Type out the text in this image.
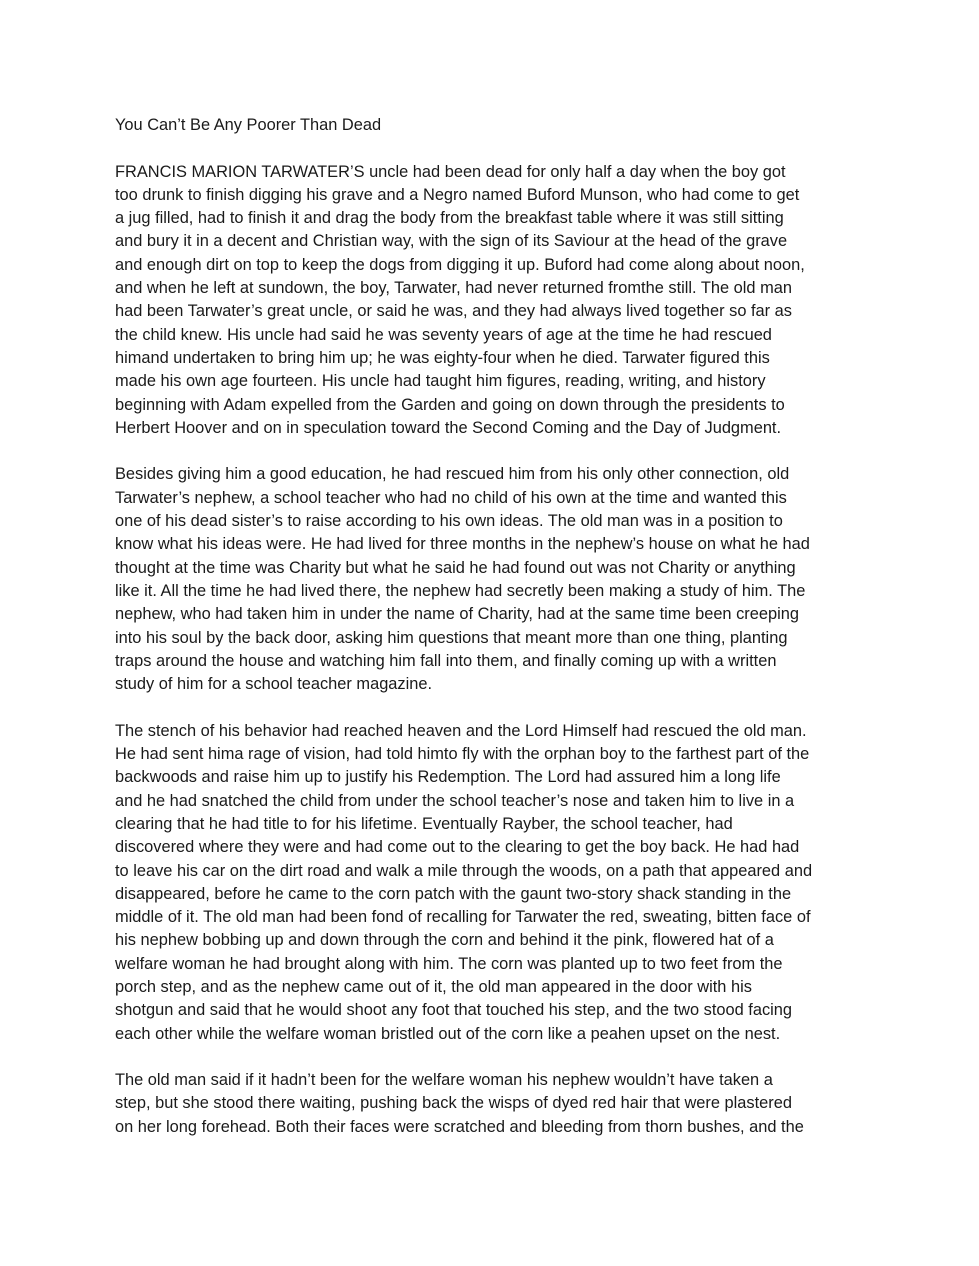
You Can’t Be Any Poorer Than Dead
FRANCIS MARION TARWATER’S uncle had been dead for only half a day when the boy got
too drunk to finish digging his grave and a Negro named Buford Munson, who had come to get
a jug filled, had to finish it and drag the body from the breakfast table where it was still sitting
and bury it in a decent and Christian way, with the sign of its Saviour at the head of the grave
and enough dirt on top to keep the dogs from digging it up. Buford had come along about noon,
and when he left at sundown, the boy, Tarwater, had never returned fromthe still. The old man
had been Tarwater’s great uncle, or said he was, and they had always lived together so far as
the child knew. His uncle had said he was seventy years of age at the time he had rescued
himand undertaken to bring him up; he was eighty-four when he died. Tarwater figured this
made his own age fourteen. His uncle had taught him figures, reading, writing, and history
beginning with Adam expelled from the Garden and going on down through the presidents to
Herbert Hoover and on in speculation toward the Second Coming and the Day of Judgment.
Besides giving him a good education, he had rescued him from his only other connection, old
Tarwater’s nephew, a school teacher who had no child of his own at the time and wanted this
one of his dead sister’s to raise according to his own ideas. The old man was in a position to
know what his ideas were. He had lived for three months in the nephew’s house on what he had
thought at the time was Charity but what he said he had found out was not Charity or anything
like it. All the time he had lived there, the nephew had secretly been making a study of him. The
nephew, who had taken him in under the name of Charity, had at the same time been creeping
into his soul by the back door, asking him questions that meant more than one thing, planting
traps around the house and watching him fall into them, and finally coming up with a written
study of him for a school teacher magazine.
The stench of his behavior had reached heaven and the Lord Himself had rescued the old man.
He had sent hima rage of vision, had told himto fly with the orphan boy to the farthest part of the
backwoods and raise him up to justify his Redemption. The Lord had assured him a long life
and he had snatched the child from under the school teacher’s nose and taken him to live in a
clearing that he had title to for his lifetime. Eventually Rayber, the school teacher, had
discovered where they were and had come out to the clearing to get the boy back. He had had
to leave his car on the dirt road and walk a mile through the woods, on a path that appeared and
disappeared, before he came to the corn patch with the gaunt two-story shack standing in the
middle of it. The old man had been fond of recalling for Tarwater the red, sweating, bitten face of
his nephew bobbing up and down through the corn and behind it the pink, flowered hat of a
welfare woman he had brought along with him. The corn was planted up to two feet from the
porch step, and as the nephew came out of it, the old man appeared in the door with his
shotgun and said that he would shoot any foot that touched his step, and the two stood facing
each other while the welfare woman bristled out of the corn like a peahen upset on the nest.
The old man said if it hadn’t been for the welfare woman his nephew wouldn’t have taken a
step, but she stood there waiting, pushing back the wisps of dyed red hair that were plastered
on her long forehead. Both their faces were scratched and bleeding from thorn bushes, and the
